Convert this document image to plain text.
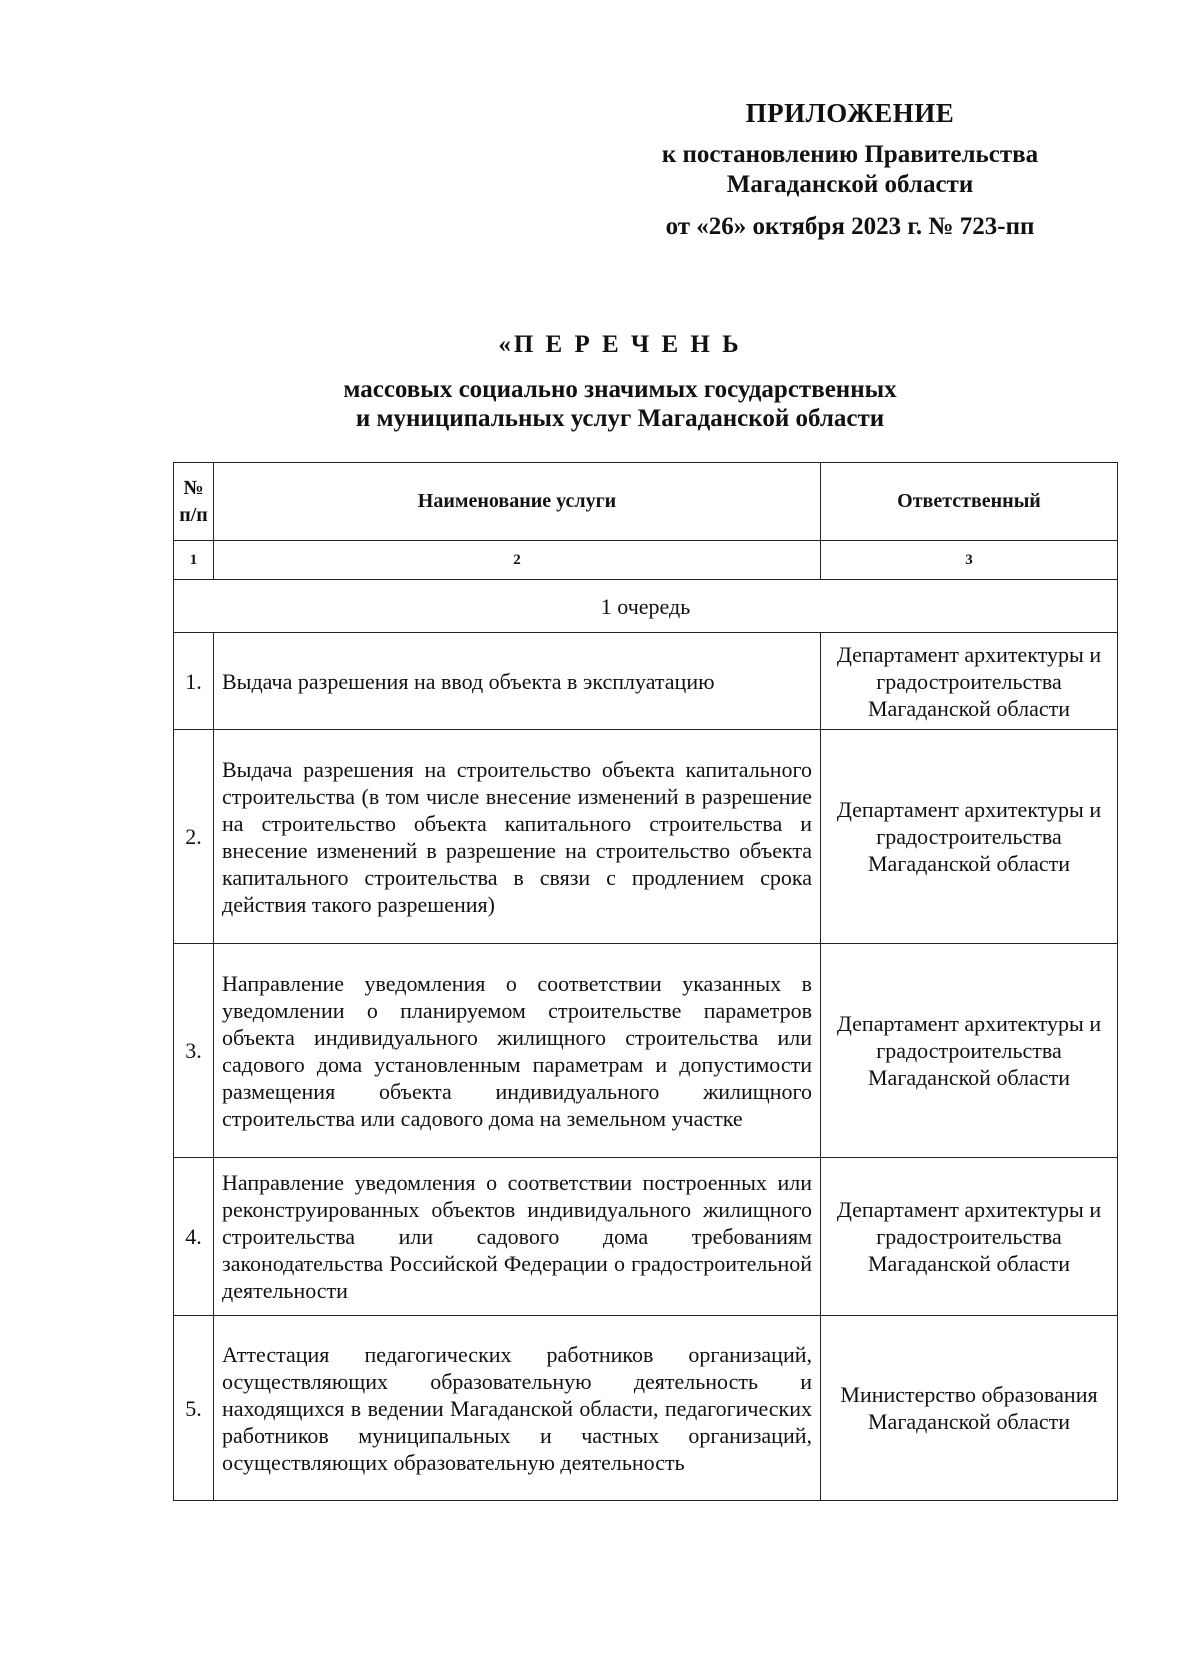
ПРИЛОЖЕНИЕ
к постановлению Правительства
Магаданской области
от «26» октября 2023 г. № 723-пп
«П Е Р Е Ч Е Н Ь
массовых социально значимых государственных
и муниципальных услуг Магаданской области
№ п/п	Наименование услуги	Ответственный
1	2	3
1 очередь		
1.	Выдача разрешения на ввод объекта в эксплуатацию	Департамент архитектуры и градостроительства Магаданской области
2.	Выдача разрешения на строительство объекта капитального строительства (в том числе внесение изменений в разрешение на строительство объекта капитального строительства и внесение изменений в разрешение на строительство объекта капитального строительства в связи с продлением срока действия такого разрешения)	Департамент архитектуры и градостроительства Магаданской области
3.	Направление уведомления о соответствии указанных в уведомлении о планируемом строительстве параметров объекта индивидуального жилищного строительства или садового дома установленным параметрам и допустимости размещения объекта индивидуального жилищного строительства или садового дома на земельном участке	Департамент архитектуры и градостроительства Магаданской области
4.	Направление уведомления о соответствии построенных или реконструированных объектов индивидуального жилищного строительства или садового дома требованиям законодательства Российской Федерации о градостроительной деятельности	Департамент архитектуры и градостроительства Магаданской области
5.	Аттестация педагогических работников организаций, осуществляющих образовательную деятельность и находящихся в ведении Магаданской области, педагогических работников муниципальных и частных организаций, осуществляющих образовательную деятельность	Министерство образования Магаданской области
